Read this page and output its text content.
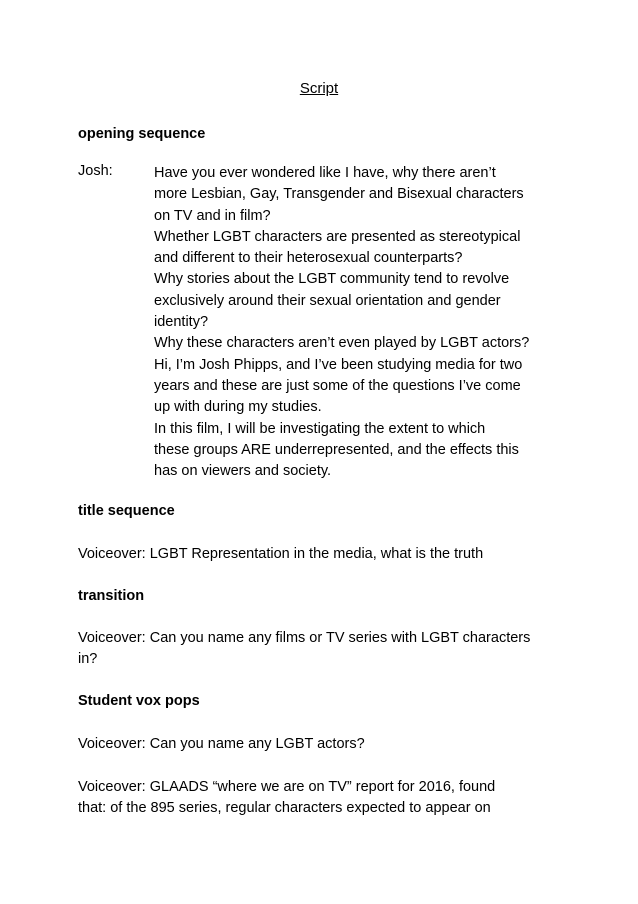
Script
opening sequence
Josh:	Have you ever wondered like I have, why there aren’t
more Lesbian, Gay, Transgender and Bisexual characters
on TV and in film?
Whether LGBT characters are presented as stereotypical
and different to their heterosexual counterparts?
Why stories about the LGBT community tend to revolve
exclusively around their sexual orientation and gender
identity?
Why these characters aren’t even played by LGBT actors?
Hi, I’m Josh Phipps, and I’ve been studying media for two
years and these are just some of the questions I’ve come
up with during my studies.
In this film, I will be investigating the extent to which
these groups ARE underrepresented, and the effects this
has on viewers and society.
title sequence
Voiceover: LGBT Representation in the media, what is the truth
transition
Voiceover: Can you name any films or TV series with LGBT characters
in?
Student vox pops
Voiceover: Can you name any LGBT actors?
Voiceover: GLAADS “where we are on TV” report for 2016, found
that: of the 895 series, regular characters expected to appear on
